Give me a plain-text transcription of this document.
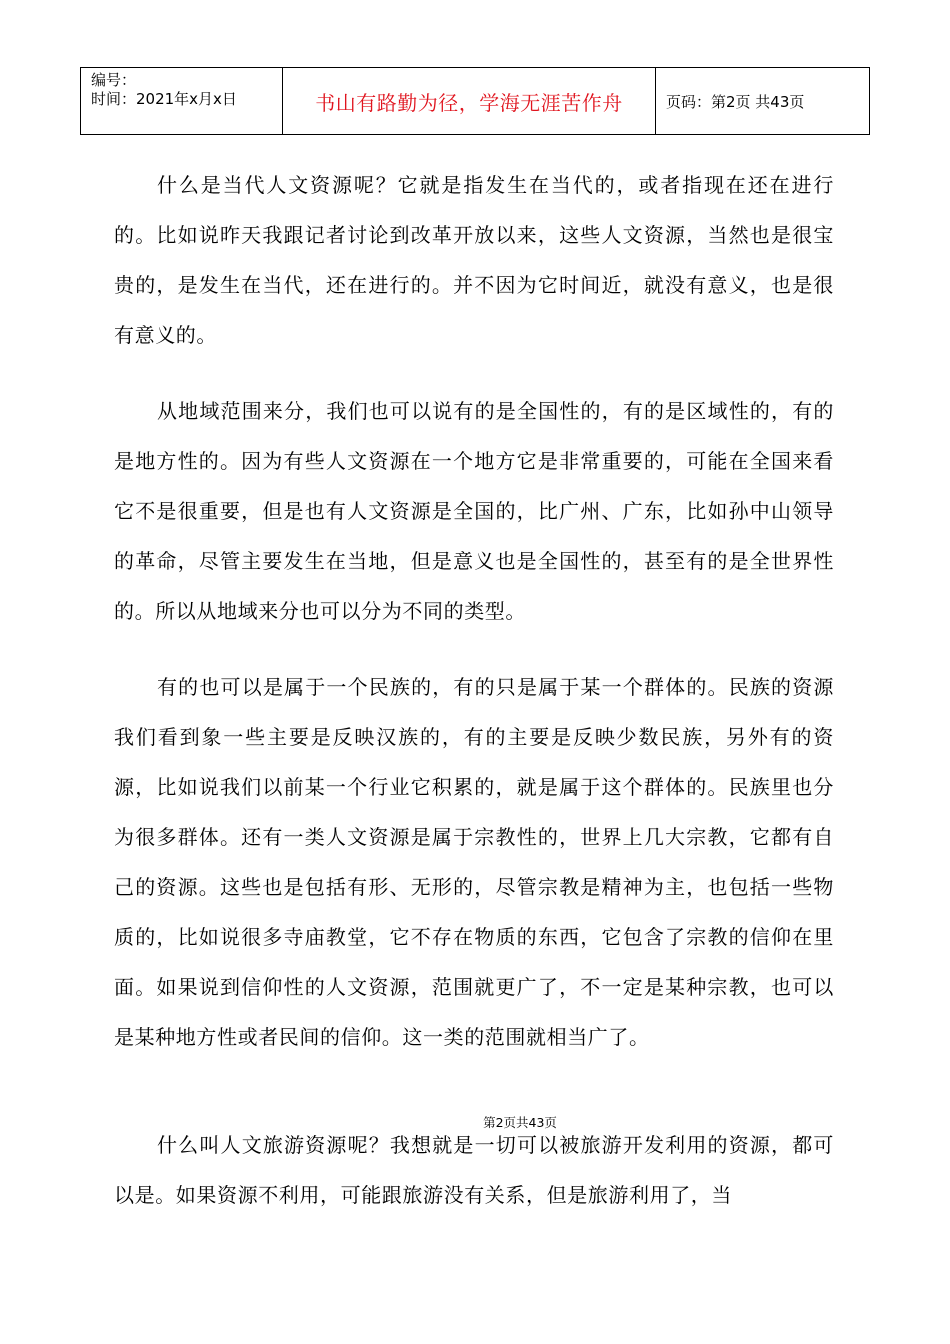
编号：
时间：2021年x月x日	书山有路勤为径，学海无涯苦作舟	页码：第2页 共43页

什么是当代人文资源呢？它就是指发生在当代的，或者指现在还在进行的。比如说昨天我跟记者讨论到改革开放以来，这些人文资源，当然也是很宝贵的，是发生在当代，还在进行的。并不因为它时间近，就没有意义，也是很有意义的。

从地域范围来分，我们也可以说有的是全国性的，有的是区域性的，有的是地方性的。因为有些人文资源在一个地方它是非常重要的，可能在全国来看它不是很重要，但是也有人文资源是全国的，比广州、广东，比如孙中山领导的革命，尽管主要发生在当地，但是意义也是全国性的，甚至有的是全世界性的。所以从地域来分也可以分为不同的类型。

有的也可以是属于一个民族的，有的只是属于某一个群体的。民族的资源我们看到象一些主要是反映汉族的，有的主要是反映少数民族，另外有的资源，比如说我们以前某一个行业它积累的，就是属于这个群体的。民族里也分为很多群体。还有一类人文资源是属于宗教性的，世界上几大宗教，它都有自己的资源。这些也是包括有形、无形的，尽管宗教是精神为主，也包括一些物质的，比如说很多寺庙教堂，它不存在物质的东西，它包含了宗教的信仰在里面。如果说到信仰性的人文资源，范围就更广了，不一定是某种宗教，也可以是某种地方性或者民间的信仰。这一类的范围就相当广了。

第2页共43页

什么叫人文旅游资源呢？我想就是一切可以被旅游开发利用的资源，都可以是。如果资源不利用，可能跟旅游没有关系，但是旅游利用了，当
